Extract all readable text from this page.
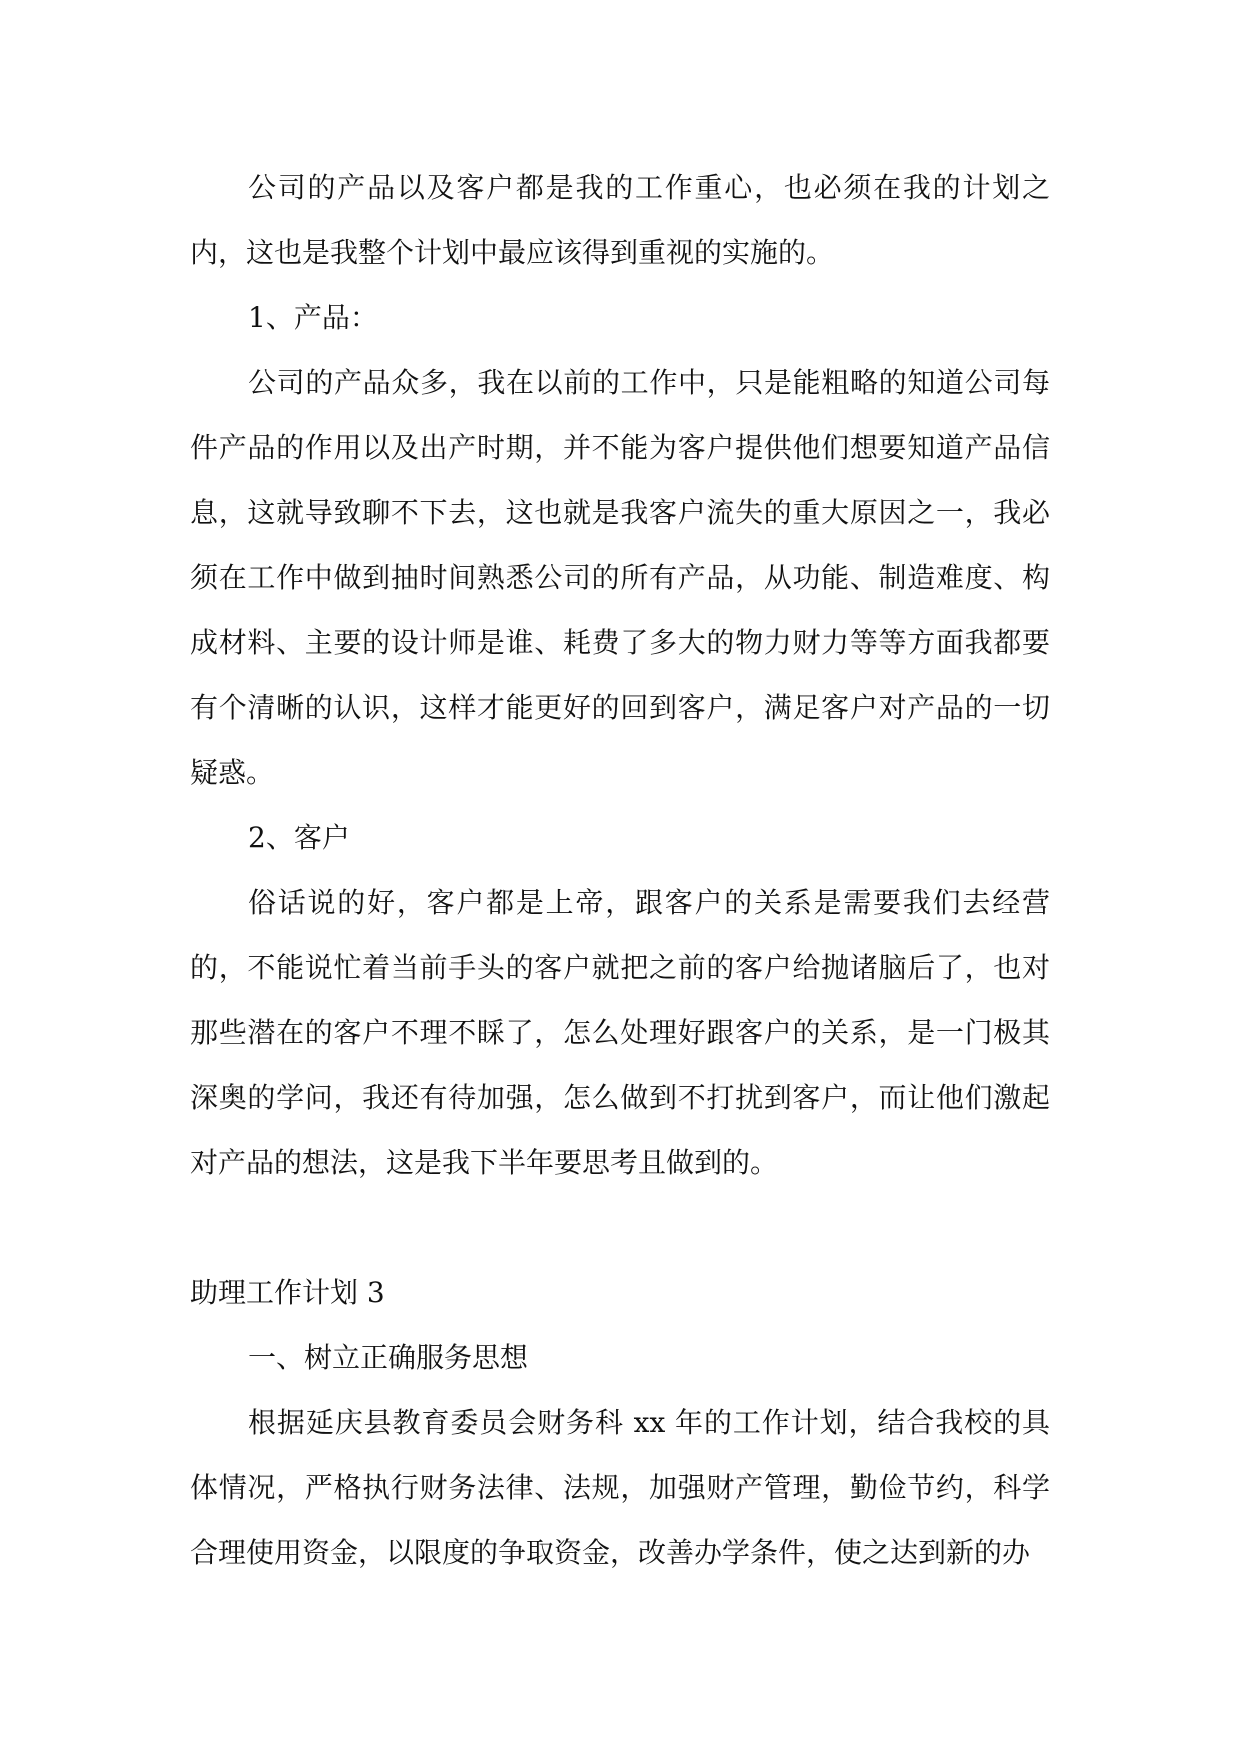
公司的产品以及客户都是我的工作重心，也必须在我的计划之内，这也是我整个计划中最应该得到重视的实施的。

1、产品：

公司的产品众多，我在以前的工作中，只是能粗略的知道公司每件产品的作用以及出产时期，并不能为客户提供他们想要知道产品信息，这就导致聊不下去，这也就是我客户流失的重大原因之一，我必须在工作中做到抽时间熟悉公司的所有产品，从功能、制造难度、构成材料、主要的设计师是谁、耗费了多大的物力财力等等方面我都要有个清晰的认识，这样才能更好的回到客户，满足客户对产品的一切疑惑。

2、客户

俗话说的好，客户都是上帝，跟客户的关系是需要我们去经营的，不能说忙着当前手头的客户就把之前的客户给抛诸脑后了，也对那些潜在的客户不理不睬了，怎么处理好跟客户的关系，是一门极其深奥的学问，我还有待加强，怎么做到不打扰到客户，而让他们激起对产品的想法，这是我下半年要思考且做到的。

助理工作计划 3

一、树立正确服务思想

根据延庆县教育委员会财务科 xx 年的工作计划，结合我校的具体情况，严格执行财务法律、法规，加强财产管理，勤俭节约，科学合理使用资金，以限度的争取资金，改善办学条件，使之达到新的办
